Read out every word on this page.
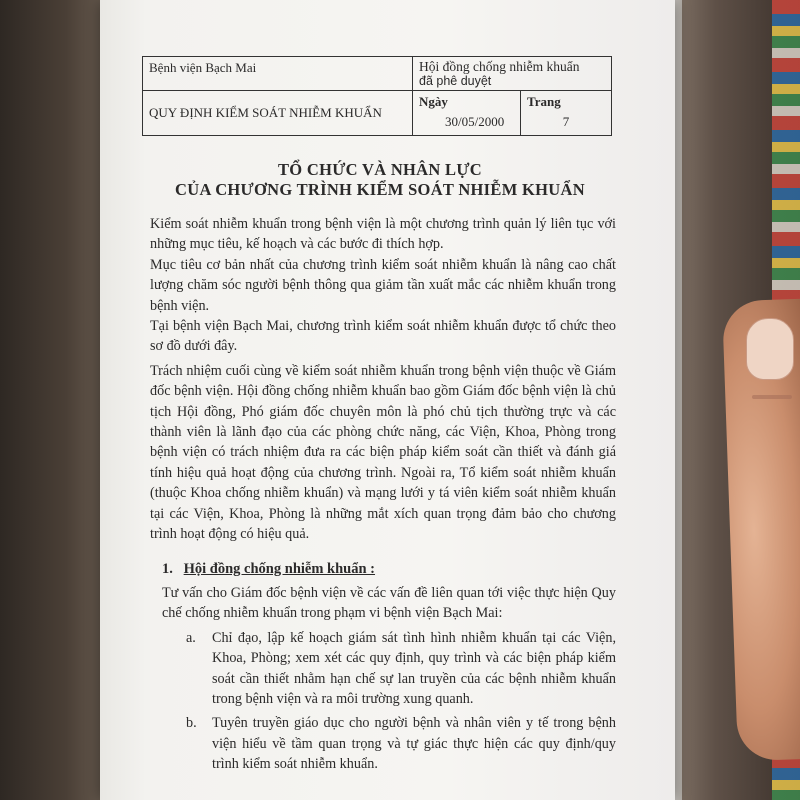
Bệnh viện Bạch Mai
QUY ĐỊNH KIỂM SOÁT NHIỄM KHUẨN
Hội đồng chống nhiễm khuẩn
đã phê duyệt
Ngày
30/05/2000
Trang
7
TỔ CHỨC VÀ NHÂN LỰC
CỦA CHƯƠNG TRÌNH KIỂM SOÁT NHIỄM KHUẨN

Kiểm soát nhiễm khuẩn trong bệnh viện là một chương trình quản lý liên tục với những mục tiêu, kế hoạch và các bước đi thích hợp.

Mục tiêu cơ bản nhất của chương trình kiểm soát nhiễm khuẩn là nâng cao chất lượng chăm sóc người bệnh thông qua giảm tần xuất mắc các nhiễm khuẩn trong bệnh viện.

Tại bệnh viện Bạch Mai, chương trình kiểm soát nhiễm khuẩn được tổ chức theo sơ đồ dưới đây.

Trách nhiệm cuối cùng về kiểm soát nhiễm khuẩn trong bệnh viện thuộc về Giám đốc bệnh viện. Hội đồng chống nhiễm khuẩn bao gồm Giám đốc bệnh viện là chủ tịch Hội đồng, Phó giám đốc chuyên môn là phó chủ tịch thường trực và các thành viên là lãnh đạo của các phòng chức năng, các Viện, Khoa, Phòng trong bệnh viện có trách nhiệm đưa ra các biện pháp kiểm soát cần thiết và đánh giá tính hiệu quả hoạt động của chương trình. Ngoài ra, Tổ kiểm soát nhiễm khuẩn (thuộc Khoa chống nhiễm khuẩn) và mạng lưới y tá viên kiểm soát nhiễm khuẩn tại các Viện, Khoa, Phòng là những mắt xích quan trọng đảm bảo cho chương trình hoạt động có hiệu quả.

1. Hội đồng chống nhiễm khuẩn :

Tư vấn cho Giám đốc bệnh viện về các vấn đề liên quan tới việc thực hiện Quy chế chống nhiễm khuẩn trong phạm vi bệnh viện Bạch Mai:

a.	Chỉ đạo, lập kế hoạch giám sát tình hình nhiễm khuẩn tại các Viện, Khoa, Phòng; xem xét các quy định, quy trình và các biện pháp kiểm soát cần thiết nhằm hạn chế sự lan truyền của các bệnh nhiễm khuẩn trong bệnh viện và ra môi trường xung quanh.
b.	Tuyên truyền giáo dục cho người bệnh và nhân viên y tế trong bệnh viện hiểu về tầm quan trọng và tự giác thực hiện các quy định/quy trình kiểm soát nhiễm khuẩn.
